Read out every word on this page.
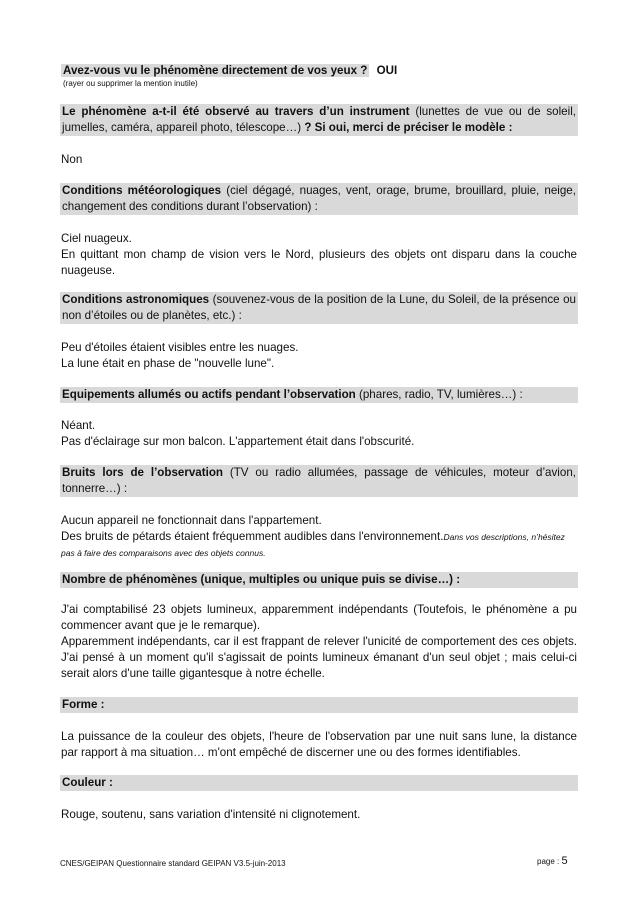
Avez-vous vu le phénomène directement de vos yeux ? OUI
(rayer ou supprimer la mention inutile)
Le phénomène a-t-il été observé au travers d’un instrument (lunettes de vue ou de soleil, jumelles, caméra, appareil photo, télescope…) ? Si oui, merci de préciser le modèle :

Non

Conditions météorologiques (ciel dégagé, nuages, vent, orage, brume, brouillard, pluie, neige, changement des conditions durant l’observation) :

Ciel nuageux.

En quittant mon champ de vision vers le Nord, plusieurs des objets ont disparu dans la couche nuageuse.

Conditions astronomiques (souvenez-vous de la position de la Lune, du Soleil, de la présence ou non d’étoiles ou de planètes, etc.) :

Peu d'étoiles étaient visibles entre les nuages.

La lune était en phase de "nouvelle lune".

Equipements allumés ou actifs pendant l’observation (phares, radio, TV, lumières…) :

Néant.

Pas d'éclairage sur mon balcon. L'appartement était dans l'obscurité.

Bruits lors de l’observation (TV ou radio allumées, passage de véhicules, moteur d’avion, tonnerre…) :

Aucun appareil ne fonctionnait dans l'appartement.

Des bruits de pétards étaient fréquemment audibles dans l'environnement.Dans vos descriptions, n’hésitez pas à faire des comparaisons avec des objets connus.

Nombre de phénomènes (unique, multiples ou unique puis se divise…) :

J'ai comptabilisé 23 objets lumineux, apparemment indépendants (Toutefois, le phénomène a pu commencer avant que je le remarque).

Apparemment indépendants, car il est frappant de relever l'unicité de comportement des ces objets. J'ai pensé à un moment qu'il s'agissait de points lumineux émanant d'un seul objet ; mais celui-ci serait alors d'une taille gigantesque à notre échelle.

Forme :

La puissance de la couleur des objets, l'heure de l'observation par une nuit sans lune, la distance par rapport à ma situation… m'ont empêché de discerner une ou des formes identifiables.

Couleur :

Rouge, soutenu, sans variation d'intensité ni clignotement.

CNES/GEIPAN Questionnaire standard GEIPAN V3.5-juin-2013	page : 5
